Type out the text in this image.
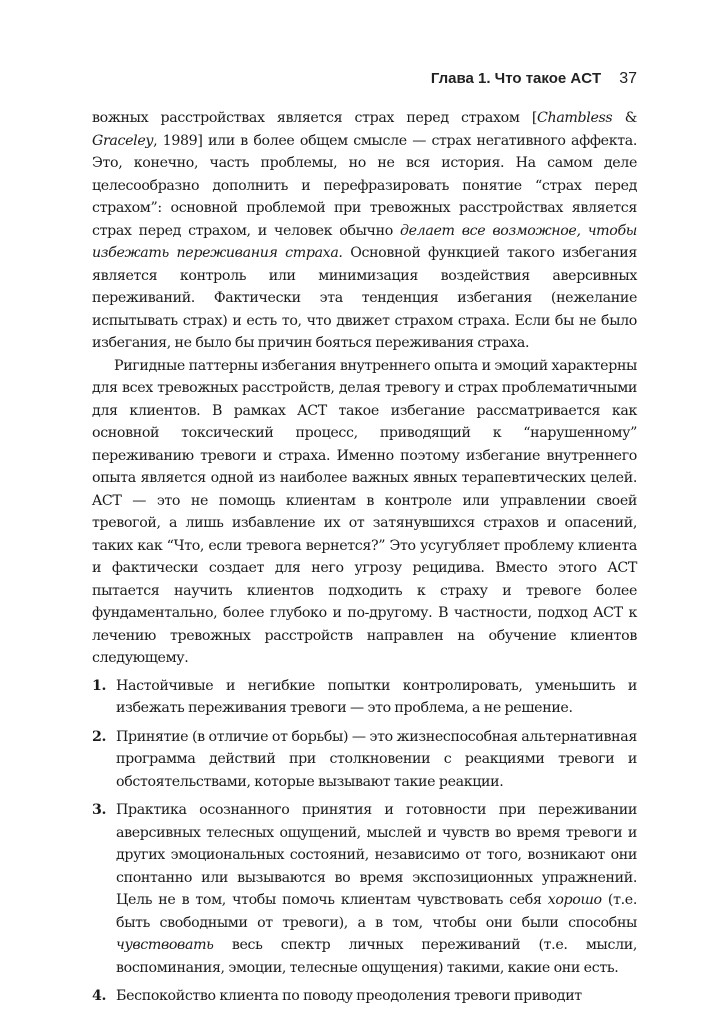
Глава 1. Что такое ACT 37

вожных расстройствах является страх перед страхом [Chambless & Graceley, 1989] или в более общем смысле — страх негативного аффекта. Это, конечно, часть проблемы, но не вся история. На самом деле целесообразно дополнить и перефразировать понятие “страх перед страхом”: основной проблемой при тревожных расстройствах является страх перед страхом, и человек обычно делает все возможное, чтобы избежать переживания страха. Основной функцией такого избегания является контроль или минимизация воздействия аверсивных переживаний. Фактически эта тенденция избегания (нежелание испытывать страх) и есть то, что движет страхом страха. Если бы не было избегания, не было бы причин бояться переживания страха.

Ригидные паттерны избегания внутреннего опыта и эмоций характерны для всех тревожных расстройств, делая тревогу и страх проблематичными для клиентов. В рамках ACT такое избегание рассматривается как основной токсический процесс, приводящий к “нарушенному” переживанию тревоги и страха. Именно поэтому избегание внутреннего опыта является одной из наиболее важных явных терапевтических целей. ACT — это не помощь клиентам в контроле или управлении своей тревогой, а лишь избавление их от затянувшихся страхов и опасений, таких как “Что, если тревога вернется?” Это усугубляет проблему клиента и фактически создает для него угрозу рецидива. Вместо этого ACT пытается научить клиентов подходить к страху и тревоге более фундаментально, более глубоко и по-другому. В частности, подход ACT к лечению тревожных расстройств направлен на обучение клиентов следующему.

1. Настойчивые и негибкие попытки контролировать, уменьшить и избежать переживания тревоги — это проблема, а не решение.
2. Принятие (в отличие от борьбы) — это жизнеспособная альтернативная программа действий при столкновении с реакциями тревоги и обстоятельствами, которые вызывают такие реакции.
3. Практика осознанного принятия и готовности при переживании аверсивных телесных ощущений, мыслей и чувств во время тревоги и других эмоциональных состояний, независимо от того, возникают они спонтанно или вызываются во время экспозиционных упражнений. Цель не в том, чтобы помочь клиентам чувствовать себя хорошо (т.е. быть свободными от тревоги), а в том, чтобы они были способны чувствовать весь спектр личных переживаний (т.е. мысли, воспоминания, эмоции, телесные ощущения) такими, какие они есть.
4. Беспокойство клиента по поводу преодоления тревоги приводит
